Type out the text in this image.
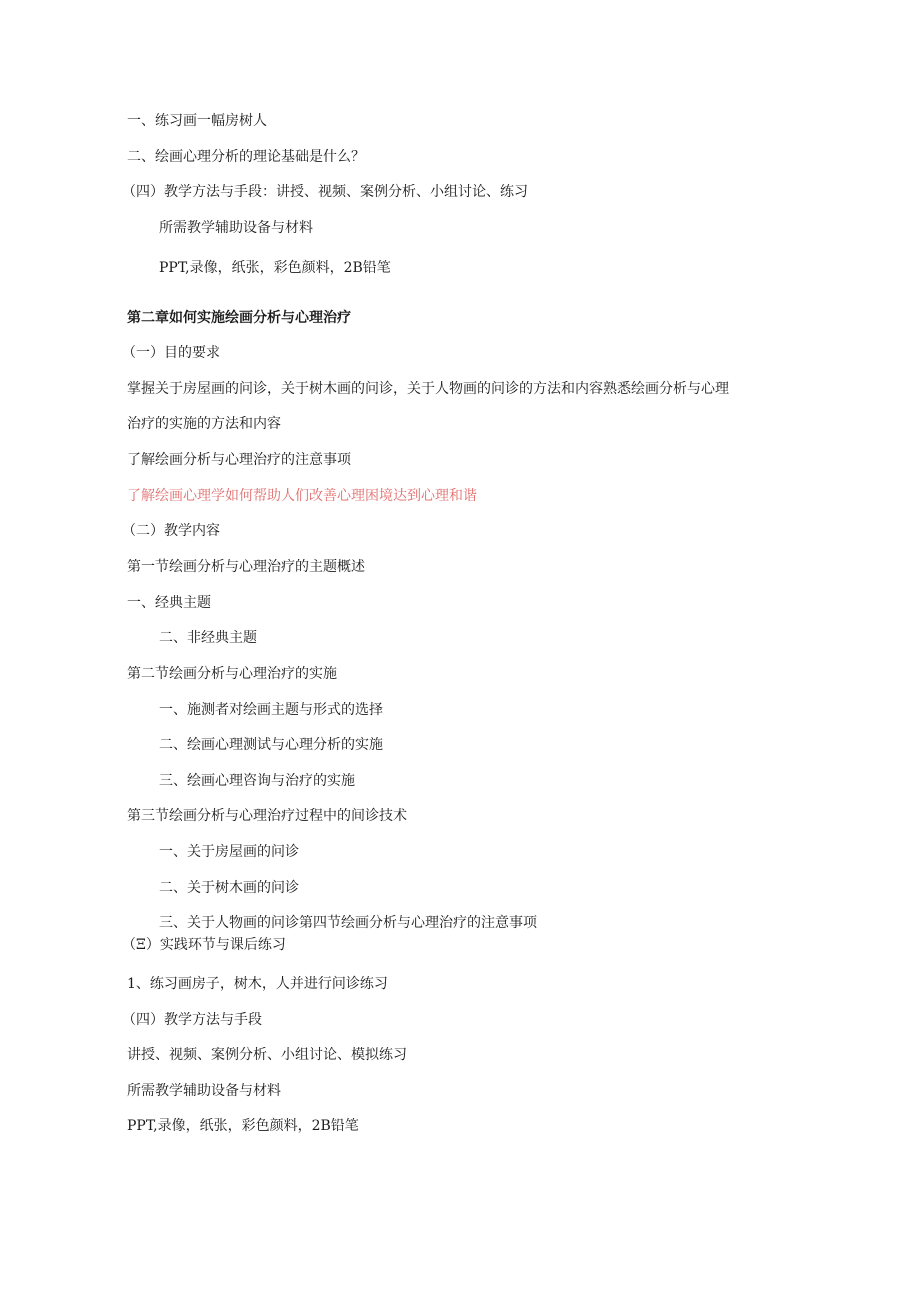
一、练习画一幅房树人
二、绘画心理分析的理论基础是什么？
（四）教学方法与手段：讲授、视频、案例分析、小组讨论、练习
所需教学辅助设备与材料
PPT,录像，纸张，彩色颜料，2B铅笔
第二章如何实施绘画分析与心理治疗
（一）目的要求
掌握关于房屋画的问诊，关于树木画的问诊，关于人物画的问诊的方法和内容熟悉绘画分析与心理
治疗的实施的方法和内容
了解绘画分析与心理治疗的注意事项
了解绘画心理学如何帮助人们改善心理困境达到心理和谐
（二）教学内容
第一节绘画分析与心理治疗的主题概述
一、经典主题
二、非经典主题
第二节绘画分析与心理治疗的实施
一、施测者对绘画主题与形式的选择
二、绘画心理测试与心理分析的实施
三、绘画心理咨询与治疗的实施
第三节绘画分析与心理治疗过程中的间诊技术
一、关于房屋画的问诊
二、关于树木画的问诊
三、关于人物画的问诊第四节绘画分析与心理治疗的注意事项
（Ξ）实践环节与课后练习
1、练习画房子，树木，人并进行问诊练习
（四）教学方法与手段
讲授、视频、案例分析、小组讨论、模拟练习
所需教学辅助设备与材料
PPT,录像，纸张，彩色颜料，2B铅笔
